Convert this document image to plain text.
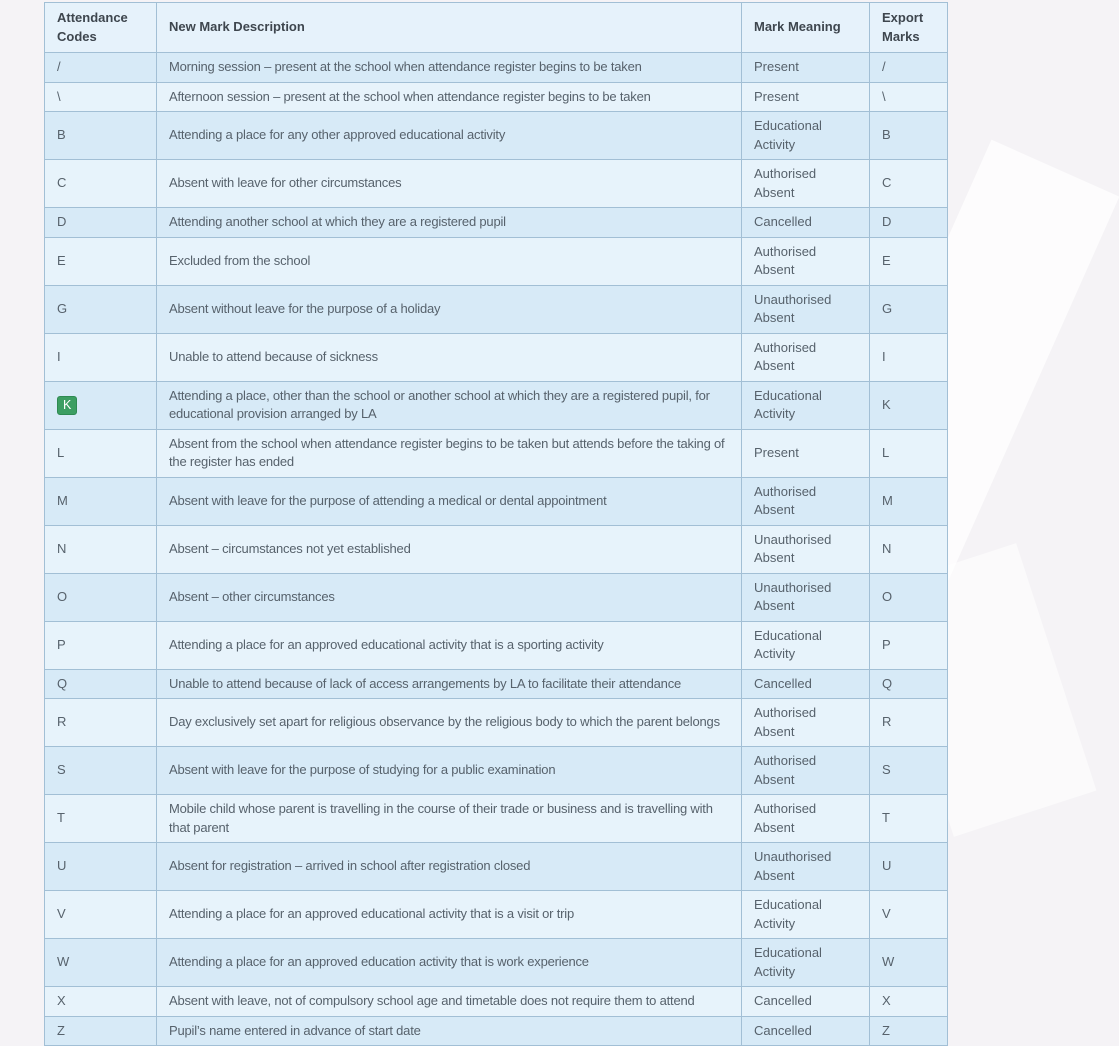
Attendance Codes	New Mark Description	Mark Meaning	Export Marks
/	Morning session – present at the school when attendance register begins to be taken	Present	/
\	Afternoon session – present at the school when attendance register begins to be taken	Present	\
B	Attending a place for any other approved educational activity	Educational Activity	B
C	Absent with leave for other circumstances	Authorised Absent	C
D	Attending another school at which they are a registered pupil	Cancelled	D
E	Excluded from the school	Authorised Absent	E
G	Absent without leave for the purpose of a holiday	Unauthorised Absent	G
I	Unable to attend because of sickness	Authorised Absent	I
K	Attending a place, other than the school or another school at which they are a registered pupil, for educational provision arranged by LA	Educational Activity	K
L	Absent from the school when attendance register begins to be taken but attends before the taking of the register has ended	Present	L
M	Absent with leave for the purpose of attending a medical or dental appointment	Authorised Absent	M
N	Absent – circumstances not yet established	Unauthorised Absent	N
O	Absent – other circumstances	Unauthorised Absent	O
P	Attending a place for an approved educational activity that is a sporting activity	Educational Activity	P
Q	Unable to attend because of lack of access arrangements by LA to facilitate their attendance	Cancelled	Q
R	Day exclusively set apart for religious observance by the religious body to which the parent belongs	Authorised Absent	R
S	Absent with leave for the purpose of studying for a public examination	Authorised Absent	S
T	Mobile child whose parent is travelling in the course of their trade or business and is travelling with that parent	Authorised Absent	T
U	Absent for registration – arrived in school after registration closed	Unauthorised Absent	U
V	Attending a place for an approved educational activity that is a visit or trip	Educational Activity	V
W	Attending a place for an approved education activity that is work experience	Educational Activity	W
X	Absent with leave, not of compulsory school age and timetable does not require them to attend	Cancelled	X
Z	Pupil’s name entered in advance of start date	Cancelled	Z
